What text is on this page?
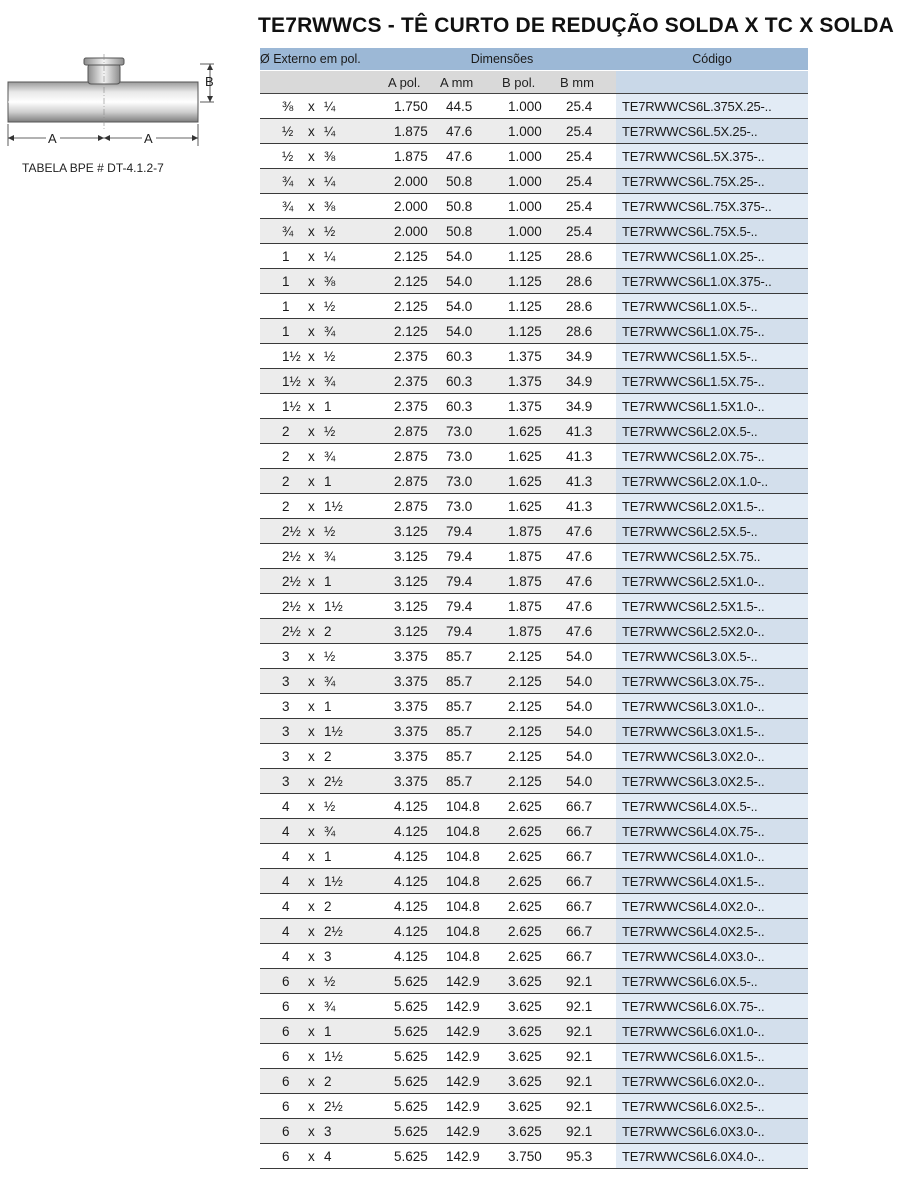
TE7RWWCS - TÊ CURTO DE REDUÇÃO SOLDA X TC X SOLDA
A	A
B
TABELA BPE # DT-4.1.2-7
Ø Externo em pol.	Dimensões				Código
	A pol.	A mm	B pol.	B mm	
⅜ x ¼	1.750	44.5	1.000	25.4	TE7RWWCS6L.375X.25-..
½ x ¼	1.875	47.6	1.000	25.4	TE7RWWCS6L.5X.25-..
½ x ⅜	1.875	47.6	1.000	25.4	TE7RWWCS6L.5X.375-..
¾ x ¼	2.000	50.8	1.000	25.4	TE7RWWCS6L.75X.25-..
¾ x ⅜	2.000	50.8	1.000	25.4	TE7RWWCS6L.75X.375-..
¾ x ½	2.000	50.8	1.000	25.4	TE7RWWCS6L.75X.5-..
1 x ¼	2.125	54.0	1.125	28.6	TE7RWWCS6L1.0X.25-..
1 x ⅜	2.125	54.0	1.125	28.6	TE7RWWCS6L1.0X.375-..
1 x ½	2.125	54.0	1.125	28.6	TE7RWWCS6L1.0X.5-..
1 x ¾	2.125	54.0	1.125	28.6	TE7RWWCS6L1.0X.75-..
1½ x ½	2.375	60.3	1.375	34.9	TE7RWWCS6L1.5X.5-..
1½ x ¾	2.375	60.3	1.375	34.9	TE7RWWCS6L1.5X.75-..
1½ x 1	2.375	60.3	1.375	34.9	TE7RWWCS6L1.5X1.0-..
2 x ½	2.875	73.0	1.625	41.3	TE7RWWCS6L2.0X.5-..
2 x ¾	2.875	73.0	1.625	41.3	TE7RWWCS6L2.0X.75-..
2 x 1	2.875	73.0	1.625	41.3	TE7RWWCS6L2.0X.1.0-..
2 x 1½	2.875	73.0	1.625	41.3	TE7RWWCS6L2.0X1.5-..
2½ x ½	3.125	79.4	1.875	47.6	TE7RWWCS6L2.5X.5-..
2½ x ¾	3.125	79.4	1.875	47.6	TE7RWWCS6L2.5X.75..
2½ x 1	3.125	79.4	1.875	47.6	TE7RWWCS6L2.5X1.0-..
2½ x 1½	3.125	79.4	1.875	47.6	TE7RWWCS6L2.5X1.5-..
2½ x 2	3.125	79.4	1.875	47.6	TE7RWWCS6L2.5X2.0-..
3 x ½	3.375	85.7	2.125	54.0	TE7RWWCS6L3.0X.5-..
3 x ¾	3.375	85.7	2.125	54.0	TE7RWWCS6L3.0X.75-..
3 x 1	3.375	85.7	2.125	54.0	TE7RWWCS6L3.0X1.0-..
3 x 1½	3.375	85.7	2.125	54.0	TE7RWWCS6L3.0X1.5-..
3 x 2	3.375	85.7	2.125	54.0	TE7RWWCS6L3.0X2.0-..
3 x 2½	3.375	85.7	2.125	54.0	TE7RWWCS6L3.0X2.5-..
4 x ½	4.125	104.8	2.625	66.7	TE7RWWCS6L4.0X.5-..
4 x ¾	4.125	104.8	2.625	66.7	TE7RWWCS6L4.0X.75-..
4 x 1	4.125	104.8	2.625	66.7	TE7RWWCS6L4.0X1.0-..
4 x 1½	4.125	104.8	2.625	66.7	TE7RWWCS6L4.0X1.5-..
4 x 2	4.125	104.8	2.625	66.7	TE7RWWCS6L4.0X2.0-..
4 x 2½	4.125	104.8	2.625	66.7	TE7RWWCS6L4.0X2.5-..
4 x 3	4.125	104.8	2.625	66.7	TE7RWWCS6L4.0X3.0-..
6 x ½	5.625	142.9	3.625	92.1	TE7RWWCS6L6.0X.5-..
6 x ¾	5.625	142.9	3.625	92.1	TE7RWWCS6L6.0X.75-..
6 x 1	5.625	142.9	3.625	92.1	TE7RWWCS6L6.0X1.0-..
6 x 1½	5.625	142.9	3.625	92.1	TE7RWWCS6L6.0X1.5-..
6 x 2	5.625	142.9	3.625	92.1	TE7RWWCS6L6.0X2.0-..
6 x 2½	5.625	142.9	3.625	92.1	TE7RWWCS6L6.0X2.5-..
6 x 3	5.625	142.9	3.625	92.1	TE7RWWCS6L6.0X3.0-..
6 x 4	5.625	142.9	3.750	95.3	TE7RWWCS6L6.0X4.0-..
